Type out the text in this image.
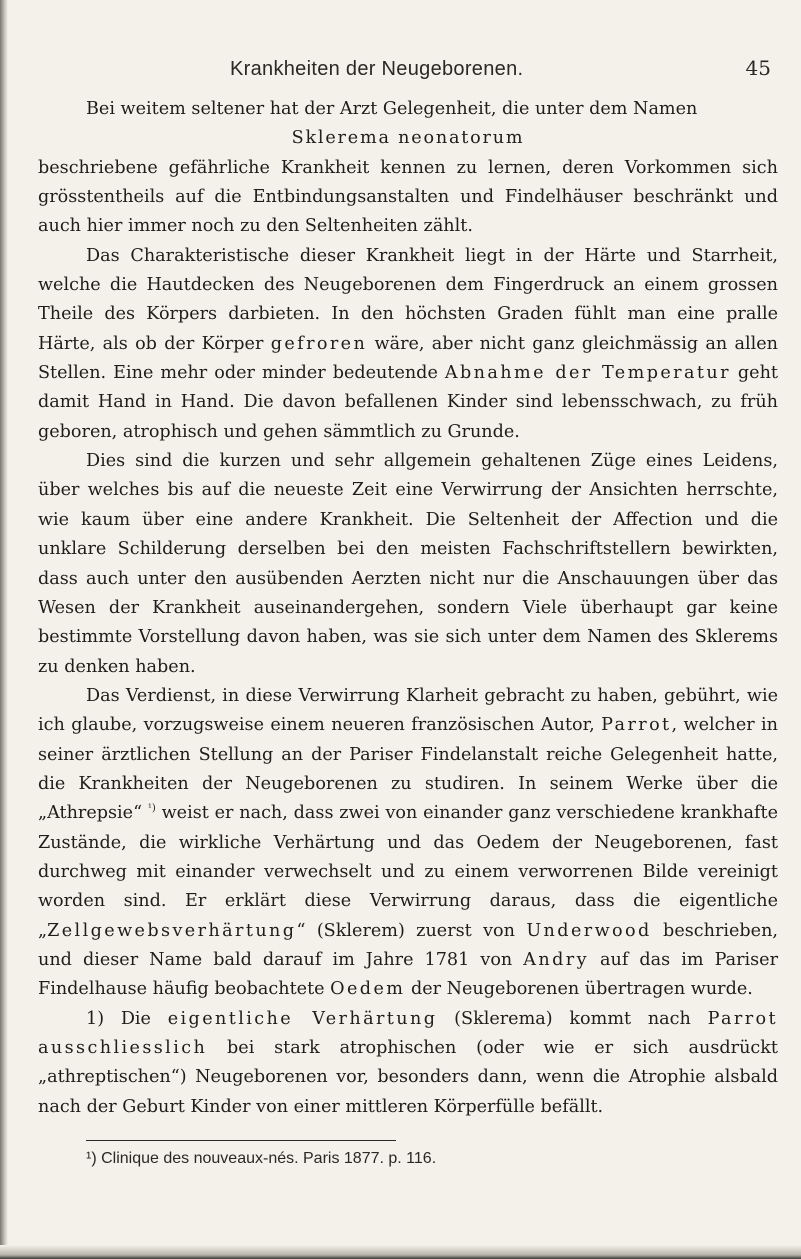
Krankheiten der Neugeborenen.	45

Bei weitem seltener hat der Arzt Gelegenheit, die unter dem Namen

Sklerema neonatorum

beschriebene gefährliche Krankheit kennen zu lernen, deren Vorkommen sich grösstentheils auf die Entbindungsanstalten und Findelhäuser beschränkt und auch hier immer noch zu den Seltenheiten zählt.

Das Charakteristische dieser Krankheit liegt in der Härte und Starrheit, welche die Hautdecken des Neugeborenen dem Fingerdruck an einem grossen Theile des Körpers darbieten. In den höchsten Graden fühlt man eine pralle Härte, als ob der Körper gefroren wäre, aber nicht ganz gleichmässig an allen Stellen. Eine mehr oder minder bedeutende Abnahme der Temperatur geht damit Hand in Hand. Die davon befallenen Kinder sind lebensschwach, zu früh geboren, atrophisch und gehen sämmtlich zu Grunde.

Dies sind die kurzen und sehr allgemein gehaltenen Züge eines Leidens, über welches bis auf die neueste Zeit eine Verwirrung der Ansichten herrschte, wie kaum über eine andere Krankheit. Die Seltenheit der Affection und die unklare Schilderung derselben bei den meisten Fachschriftstellern bewirkten, dass auch unter den ausübenden Aerzten nicht nur die Anschauungen über das Wesen der Krankheit auseinandergehen, sondern Viele überhaupt gar keine bestimmte Vorstellung davon haben, was sie sich unter dem Namen des Sklerems zu denken haben.

Das Verdienst, in diese Verwirrung Klarheit gebracht zu haben, gebührt, wie ich glaube, vorzugsweise einem neueren französischen Autor, Parrot, welcher in seiner ärztlichen Stellung an der Pariser Findelanstalt reiche Gelegenheit hatte, die Krankheiten der Neugeborenen zu studiren. In seinem Werke über die „Athrepsie“ $^{^1)}$ weist er nach, dass zwei von einander ganz verschiedene krankhafte Zustände, die wirkliche Verhärtung und das Oedem der Neugeborenen, fast durchweg mit einander verwechselt und zu einem verworrenen Bilde vereinigt worden sind. Er erklärt diese Verwirrung daraus, dass die eigentliche „Zellgewebsverhärtung“ (Sklerem) zuerst von Underwood beschrieben, und dieser Name bald darauf im Jahre 1781 von Andry auf das im Pariser Findelhause häufig beobachtete Oedem der Neugeborenen übertragen wurde.

1) Die eigentliche Verhärtung (Sklerema) kommt nach Parrot ausschliesslich bei stark atrophischen (oder wie er sich ausdrückt „athreptischen“) Neugeborenen vor, besonders dann, wenn die Atrophie alsbald nach der Geburt Kinder von einer mittleren Körperfülle befällt.

¹) Clinique des nouveaux-nés. Paris 1877. p. 116.
